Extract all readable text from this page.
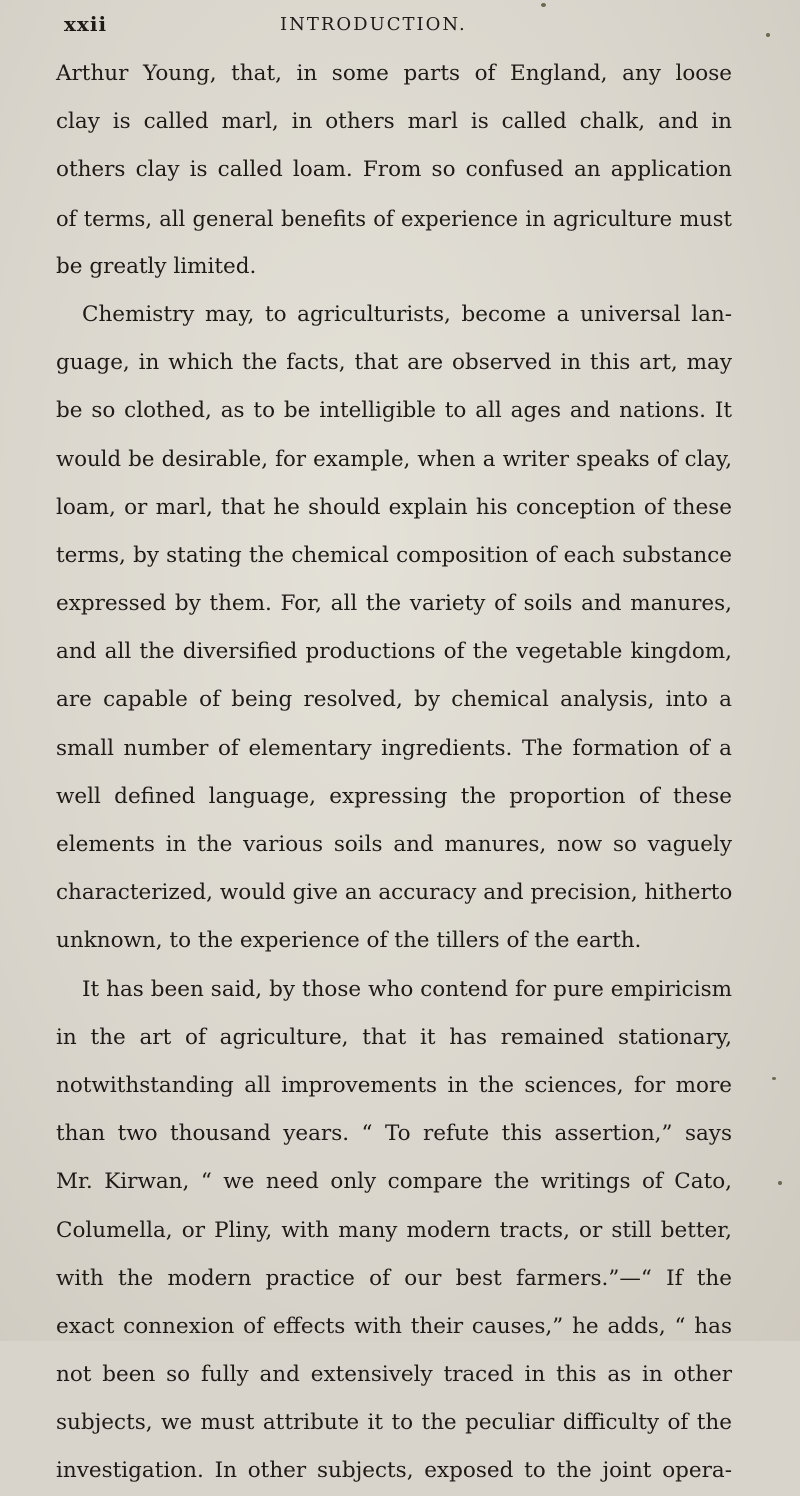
xxii	INTRODUCTION.
Arthur Young, that, in some parts of England, any loose
clay is called marl, in others marl is called chalk, and in
others clay is called loam. From so confused an application
of terms, all general benefits of experience in agriculture must
be greatly limited.
Chemistry may, to agriculturists, become a universal lan-
guage, in which the facts, that are observed in this art, may
be so clothed, as to be intelligible to all ages and nations. It
would be desirable, for example, when a writer speaks of clay,
loam, or marl, that he should explain his conception of these
terms, by stating the chemical composition of each substance
expressed by them. For, all the variety of soils and manures,
and all the diversified productions of the vegetable kingdom,
are capable of being resolved, by chemical analysis, into a
small number of elementary ingredients. The formation of a
well defined language, expressing the proportion of these
elements in the various soils and manures, now so vaguely
characterized, would give an accuracy and precision, hitherto
unknown, to the experience of the tillers of the earth.
It has been said, by those who contend for pure empiricism
in the art of agriculture, that it has remained stationary,
notwithstanding all improvements in the sciences, for more
than two thousand years. “ To refute this assertion,” says
Mr. Kirwan, “ we need only compare the writings of Cato,
Columella, or Pliny, with many modern tracts, or still better,
with the modern practice of our best farmers.”—“ If the
exact connexion of effects with their causes,” he adds, “ has
not been so fully and extensively traced in this as in other
subjects, we must attribute it to the peculiar difficulty of the
investigation. In other subjects, exposed to the joint opera-
